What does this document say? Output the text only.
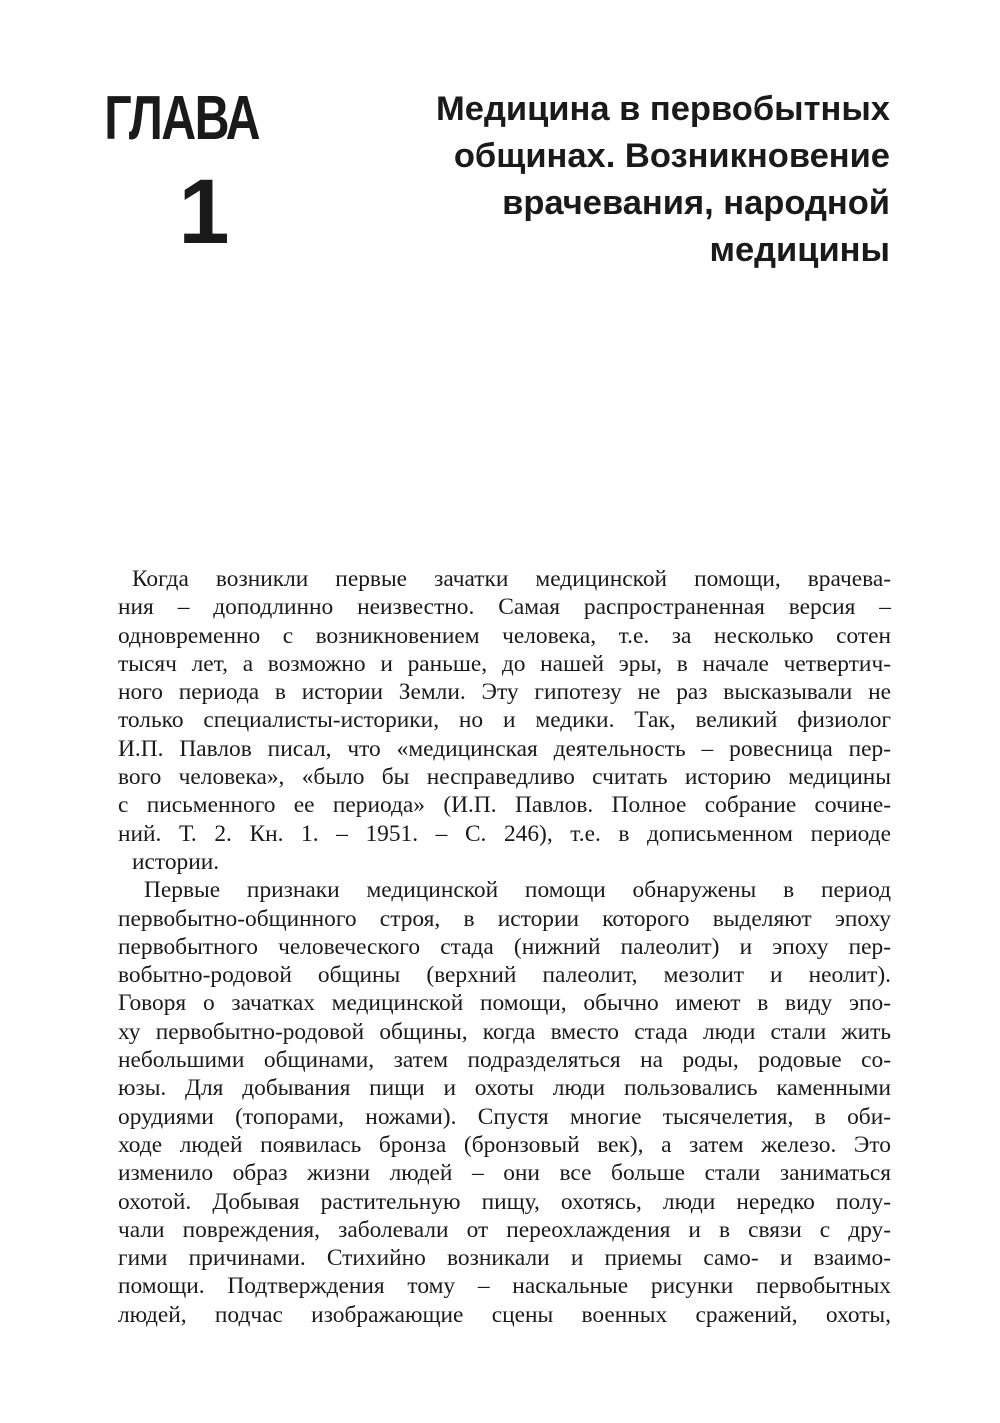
ГЛАВА
1
Медицина в первобытных
общинах. Возникновение
врачевания, народной
медицины

Когда возникли первые зачатки медицинской помощи, врачева-
ния – доподлинно неизвестно. Самая распространенная версия –
одновременно с возникновением человека, т.е. за несколько сотен
тысяч лет, а возможно и раньше, до нашей эры, в начале четвертич-
ного периода в истории Земли. Эту гипотезу не раз высказывали не
только специалисты-историки, но и медики. Так, великий физиолог
И.П. Павлов писал, что «медицинская деятельность – ровесница пер-
вого человека», «было бы несправедливо считать историю медицины
с письменного ее периода» (И.П. Павлов. Полное собрание сочине-
ний. Т. 2. Кн. 1. – 1951. – С. 246), т.е. в дописьменном периоде
истории.

Первые признаки медицинской помощи обнаружены в период
первобытно-общинного строя, в истории которого выделяют эпоху
первобытного человеческого стада (нижний палеолит) и эпоху пер-
вобытно-родовой общины (верхний палеолит, мезолит и неолит).
Говоря о зачатках медицинской помощи, обычно имеют в виду эпо-
ху первобытно-родовой общины, когда вместо стада люди стали жить
небольшими общинами, затем подразделяться на роды, родовые со-
юзы. Для добывания пищи и охоты люди пользовались каменными
орудиями (топорами, ножами). Спустя многие тысячелетия, в оби-
ходе людей появилась бронза (бронзовый век), а затем железо. Это
изменило образ жизни людей – они все больше стали заниматься
охотой. Добывая растительную пищу, охотясь, люди нередко полу-
чали повреждения, заболевали от переохлаждения и в связи с дру-
гими причинами. Стихийно возникали и приемы само- и взаимо-
помощи. Подтверждения тому – наскальные рисунки первобытных
людей, подчас изображающие сцены военных сражений, охоты,
